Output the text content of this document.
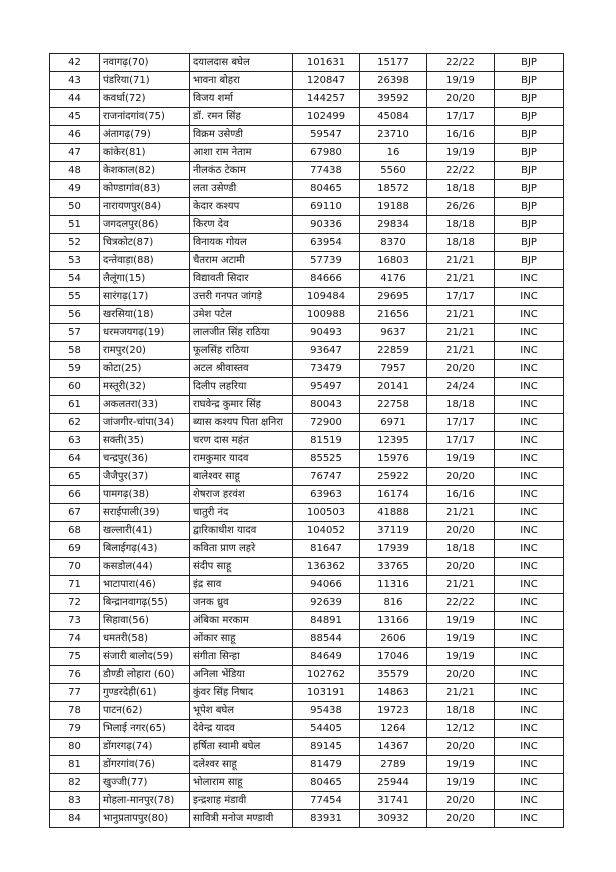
42	नवागढ़(70)	दयालदास बघेल	101631	15177	22/22	BJP
43	पंडरिया(71)	भावना बोहरा	120847	26398	19/19	BJP
44	कवर्धा(72)	विजय शर्मा	144257	39592	20/20	BJP
45	राजनांदगांव(75)	डॉ. रमन सिंह	102499	45084	17/17	BJP
46	अंतागढ़(79)	विक्रम उसेण्डी	59547	23710	16/16	BJP
47	कांकेर(81)	आशा राम नेताम	67980	16	19/19	BJP
48	केशकाल(82)	नीलकंठ टेकाम	77438	5560	22/22	BJP
49	कोण्डागांव(83)	लता उसेण्डी	80465	18572	18/18	BJP
50	नारायणपुर(84)	केदार कश्यप	69110	19188	26/26	BJP
51	जगदलपुर(86)	किरण देव	90336	29834	18/18	BJP
52	चित्रकोट(87)	विनायक गोयल	63954	8370	18/18	BJP
53	दन्तेवाड़ा(88)	चैतराम अटामी	57739	16803	21/21	BJP
54	लैलूंगा(15)	विद्यावती सिदार	84666	4176	21/21	INC
55	सारंगढ़(17)	उत्तरी गनपत जांगड़े	109484	29695	17/17	INC
56	खरसिया(18)	उमेश पटेल	100988	21656	21/21	INC
57	धरमजयगढ़(19)	लालजीत सिंह राठिया	90493	9637	21/21	INC
58	रामपुर(20)	फूलसिंह राठिया	93647	22859	21/21	INC
59	कोटा(25)	अटल श्रीवास्तव	73479	7957	20/20	INC
60	मस्तूरी(32)	दिलीप लहरिया	95497	20141	24/24	INC
61	अकलतरा(33)	राघवेन्द्र कुमार सिंह	80043	22758	18/18	INC
62	जांजगीर-चांपा(34)	ब्यास कश्यप पिता क्षनिरा	72900	6971	17/17	INC
63	सक्ती(35)	चरण दास महंत	81519	12395	17/17	INC
64	चन्द्रपुर(36)	रामकुमार यादव	85525	15976	19/19	INC
65	जैजैपुर(37)	बालेश्वर साहू	76747	25922	20/20	INC
66	पामगढ़(38)	शेषराज हरवंश	63963	16174	16/16	INC
67	सराईपाली(39)	चातुरी नंद	100503	41888	21/21	INC
68	खल्लारी(41)	द्वारिकाधीश यादव	104052	37119	20/20	INC
69	बिलाईगढ़(43)	कविता प्राण लहरे	81647	17939	18/18	INC
70	कसडोल(44)	संदीप साहू	136362	33765	20/20	INC
71	भाटापारा(46)	इंद्र साव	94066	11316	21/21	INC
72	बिन्द्रानवागढ़(55)	जनक ध्रुव	92639	816	22/22	INC
73	सिहावा(56)	अंबिका मरकाम	84891	13166	19/19	INC
74	धमतरी(58)	ओंकार साहू	88544	2606	19/19	INC
75	संजारी बालोद(59)	संगीता सिन्हा	84649	17046	19/19	INC
76	डौण्डी लोहारा (60)	अनिला भेंडिया	102762	35579	20/20	INC
77	गुण्डरदेही(61)	कुंवर सिंह निषाद	103191	14863	21/21	INC
78	पाटन(62)	भूपेश बघेल	95438	19723	18/18	INC
79	भिलाई नगर(65)	देवेन्द्र यादव	54405	1264	12/12	INC
80	डोंगरगढ़(74)	हर्षिता स्वामी बघेल	89145	14367	20/20	INC
81	डोंगरगांव(76)	दलेश्वर साहू	81479	2789	19/19	INC
82	खुज्जी(77)	भोलाराम साहू	80465	25944	19/19	INC
83	मोहला-मानपुर(78)	इन्द्रशाह मंडावी	77454	31741	20/20	INC
84	भानुप्रतापपुर(80)	सावित्री मनोज मण्डावी	83931	30932	20/20	INC
